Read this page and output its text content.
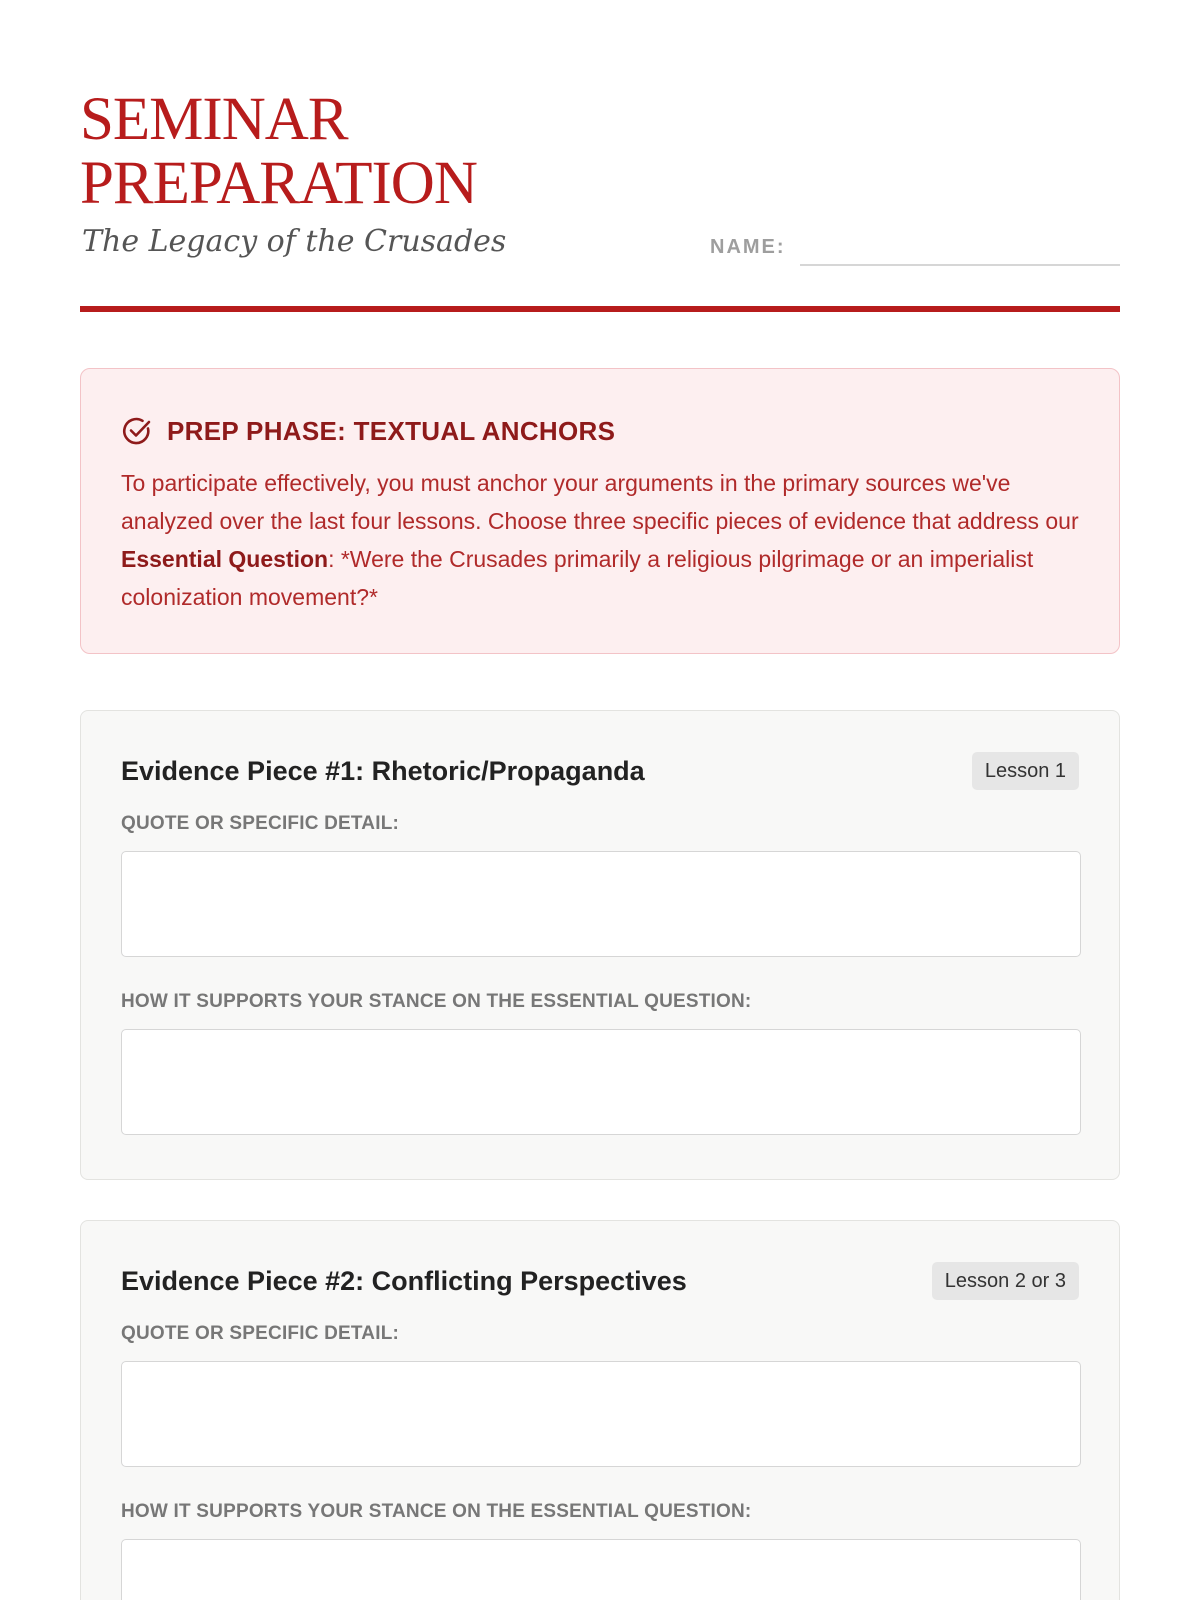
SEMINAR
PREPARATION
The Legacy of the Crusades	NAME:
PREP PHASE: TEXTUAL ANCHORS

To participate effectively, you must anchor your arguments in the primary sources we've analyzed over the last four lessons. Choose three specific pieces of evidence that address our Essential Question: *Were the Crusades primarily a religious pilgrimage or an imperialist colonization movement?*

Evidence Piece #1: Rhetoric/Propaganda	Lesson 1
QUOTE OR SPECIFIC DETAIL:
HOW IT SUPPORTS YOUR STANCE ON THE ESSENTIAL QUESTION:
Evidence Piece #2: Conflicting Perspectives	Lesson 2 or 3
QUOTE OR SPECIFIC DETAIL:
HOW IT SUPPORTS YOUR STANCE ON THE ESSENTIAL QUESTION:
